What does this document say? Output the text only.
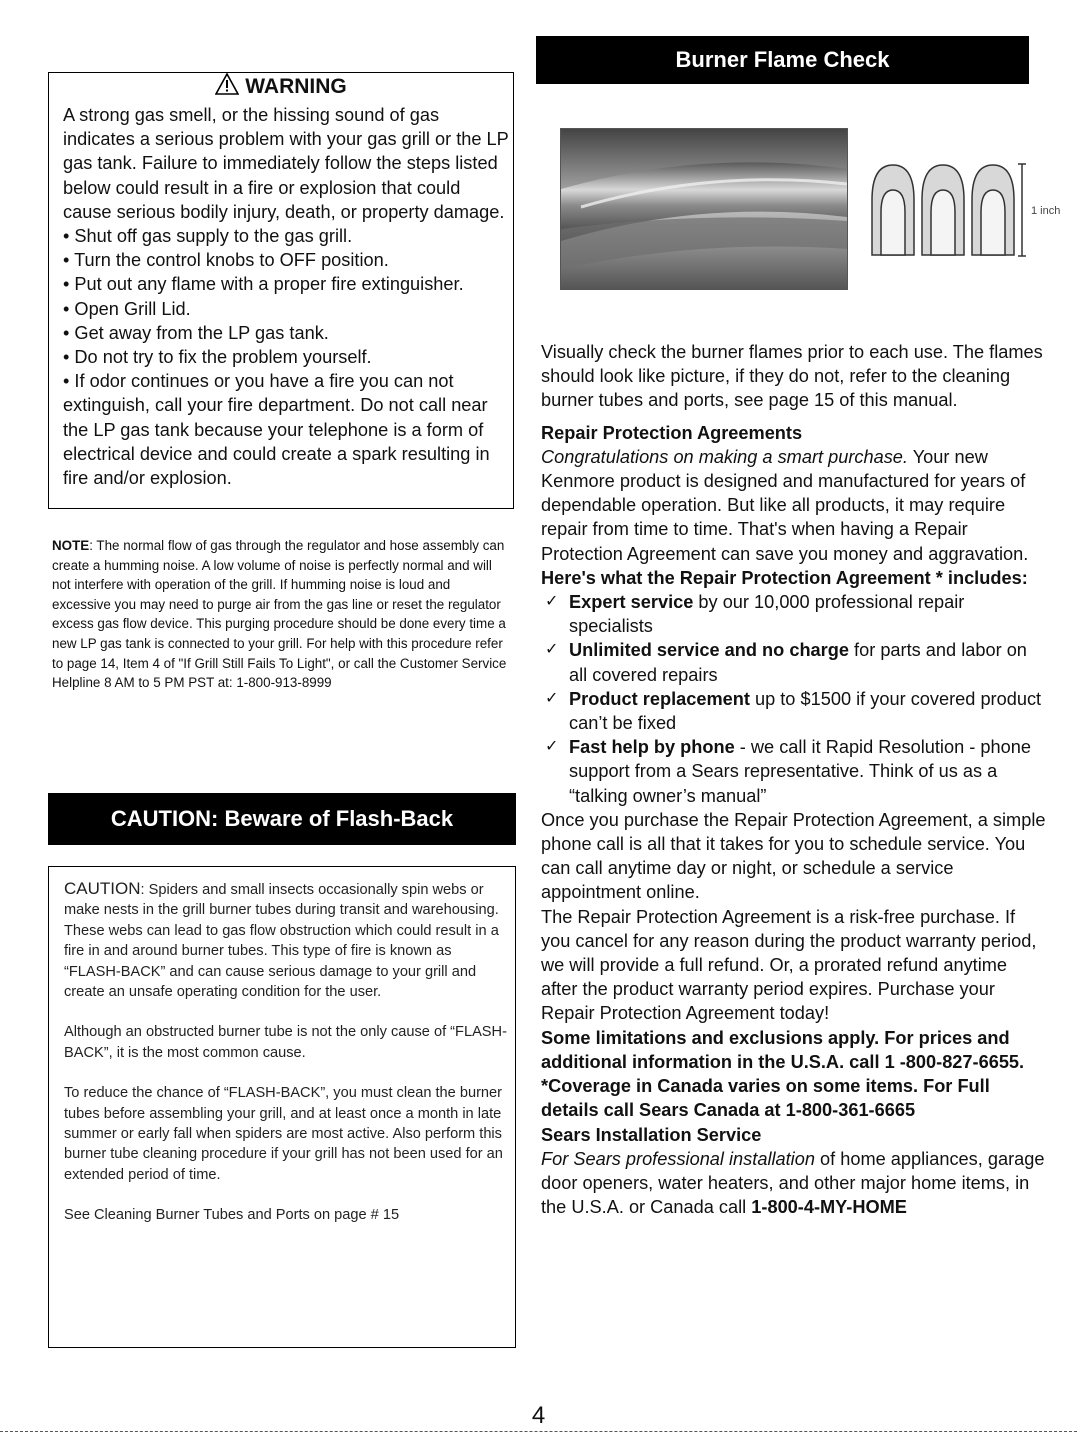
WARNING

A strong gas smell, or the hissing sound of gas indicates a serious problem with your gas grill or the LP gas tank. Failure to immediately follow the steps listed below could result in a fire or explosion that could cause serious bodily injury, death, or property damage.

• Shut off gas supply to the gas grill.

• Turn the control knobs to OFF position.

• Put out any flame with a proper fire extinguisher.

• Open Grill Lid.

• Get away from the LP gas tank.

• Do not try to fix the problem yourself.

• If odor continues or you have a fire you can not extinguish, call your fire department. Do not call near the LP gas tank because your telephone is a form of electrical device and could create a spark resulting in fire and/or explosion.

NOTE: The normal flow of gas through the regulator and hose assembly can create a humming noise. A low volume of noise is perfectly normal and will not interfere with operation of the grill. If humming noise is loud and excessive you may need to purge air from the gas line or reset the regulator excess gas flow device. This purging procedure should be done every time a new LP gas tank is connected to your grill. For help with this procedure refer to page 14, Item 4 of "If Grill Still Fails To Light", or call the Customer Service Helpline 8 AM to 5 PM PST at: 1-800-913-8999
CAUTION: Beware of Flash-Back

CAUTION: Spiders and small insects occasionally spin webs or make nests in the grill burner tubes during transit and warehousing. These webs can lead to gas flow obstruction which could result in a fire in and around burner tubes. This type of fire is known as “FLASH-BACK” and can cause serious damage to your grill and create an unsafe operating condition for the user.

Although an obstructed burner tube is not the only cause of “FLASH-BACK”, it is the most common cause.

To reduce the chance of “FLASH-BACK”, you must clean the burner tubes before assembling your grill, and at least once a month in late summer or early fall when spiders are most active. Also perform this burner tube cleaning procedure if your grill has not been used for an extended period of time.

See Cleaning Burner Tubes and Ports on page # 15

Burner Flame Check
1 inch

Visually check the burner flames prior to each use. The flames should look like picture, if they do not, refer to the cleaning burner tubes and ports, see page 15 of this manual.

Repair Protection Agreements

Congratulations on making a smart purchase. Your new Kenmore product is designed and manufactured for years of dependable operation. But like all products, it may require repair from time to time. That's when having a Repair Protection Agreement can save you money and aggravation.

Here's what the Repair Protection Agreement * includes:

✓ Expert service by our 10,000 professional repair specialists
✓ Unlimited service and no charge for parts and labor on all covered repairs
✓ Product replacement up to $1500 if your covered product can’t be fixed
✓ Fast help by phone - we call it Rapid Resolution - phone support from a Sears representative. Think of us as a “talking owner’s manual”

Once you purchase the Repair Protection Agreement, a simple phone call is all that it takes for you to schedule service. You can call anytime day or night, or schedule a service appointment online.

The Repair Protection Agreement is a risk-free purchase. If you cancel for any reason during the product warranty period, we will provide a full refund. Or, a prorated refund anytime after the product warranty period expires. Purchase your Repair Protection Agreement today!

Some limitations and exclusions apply. For prices and additional information in the U.S.A. call 1 -800-827-6655.

*Coverage in Canada varies on some items. For Full details call Sears Canada at 1-800-361-6665

Sears Installation Service

For Sears professional installation of home appliances, garage door openers, water heaters, and other major home items, in the U.S.A. or Canada call 1-800-4-MY-HOME

4
